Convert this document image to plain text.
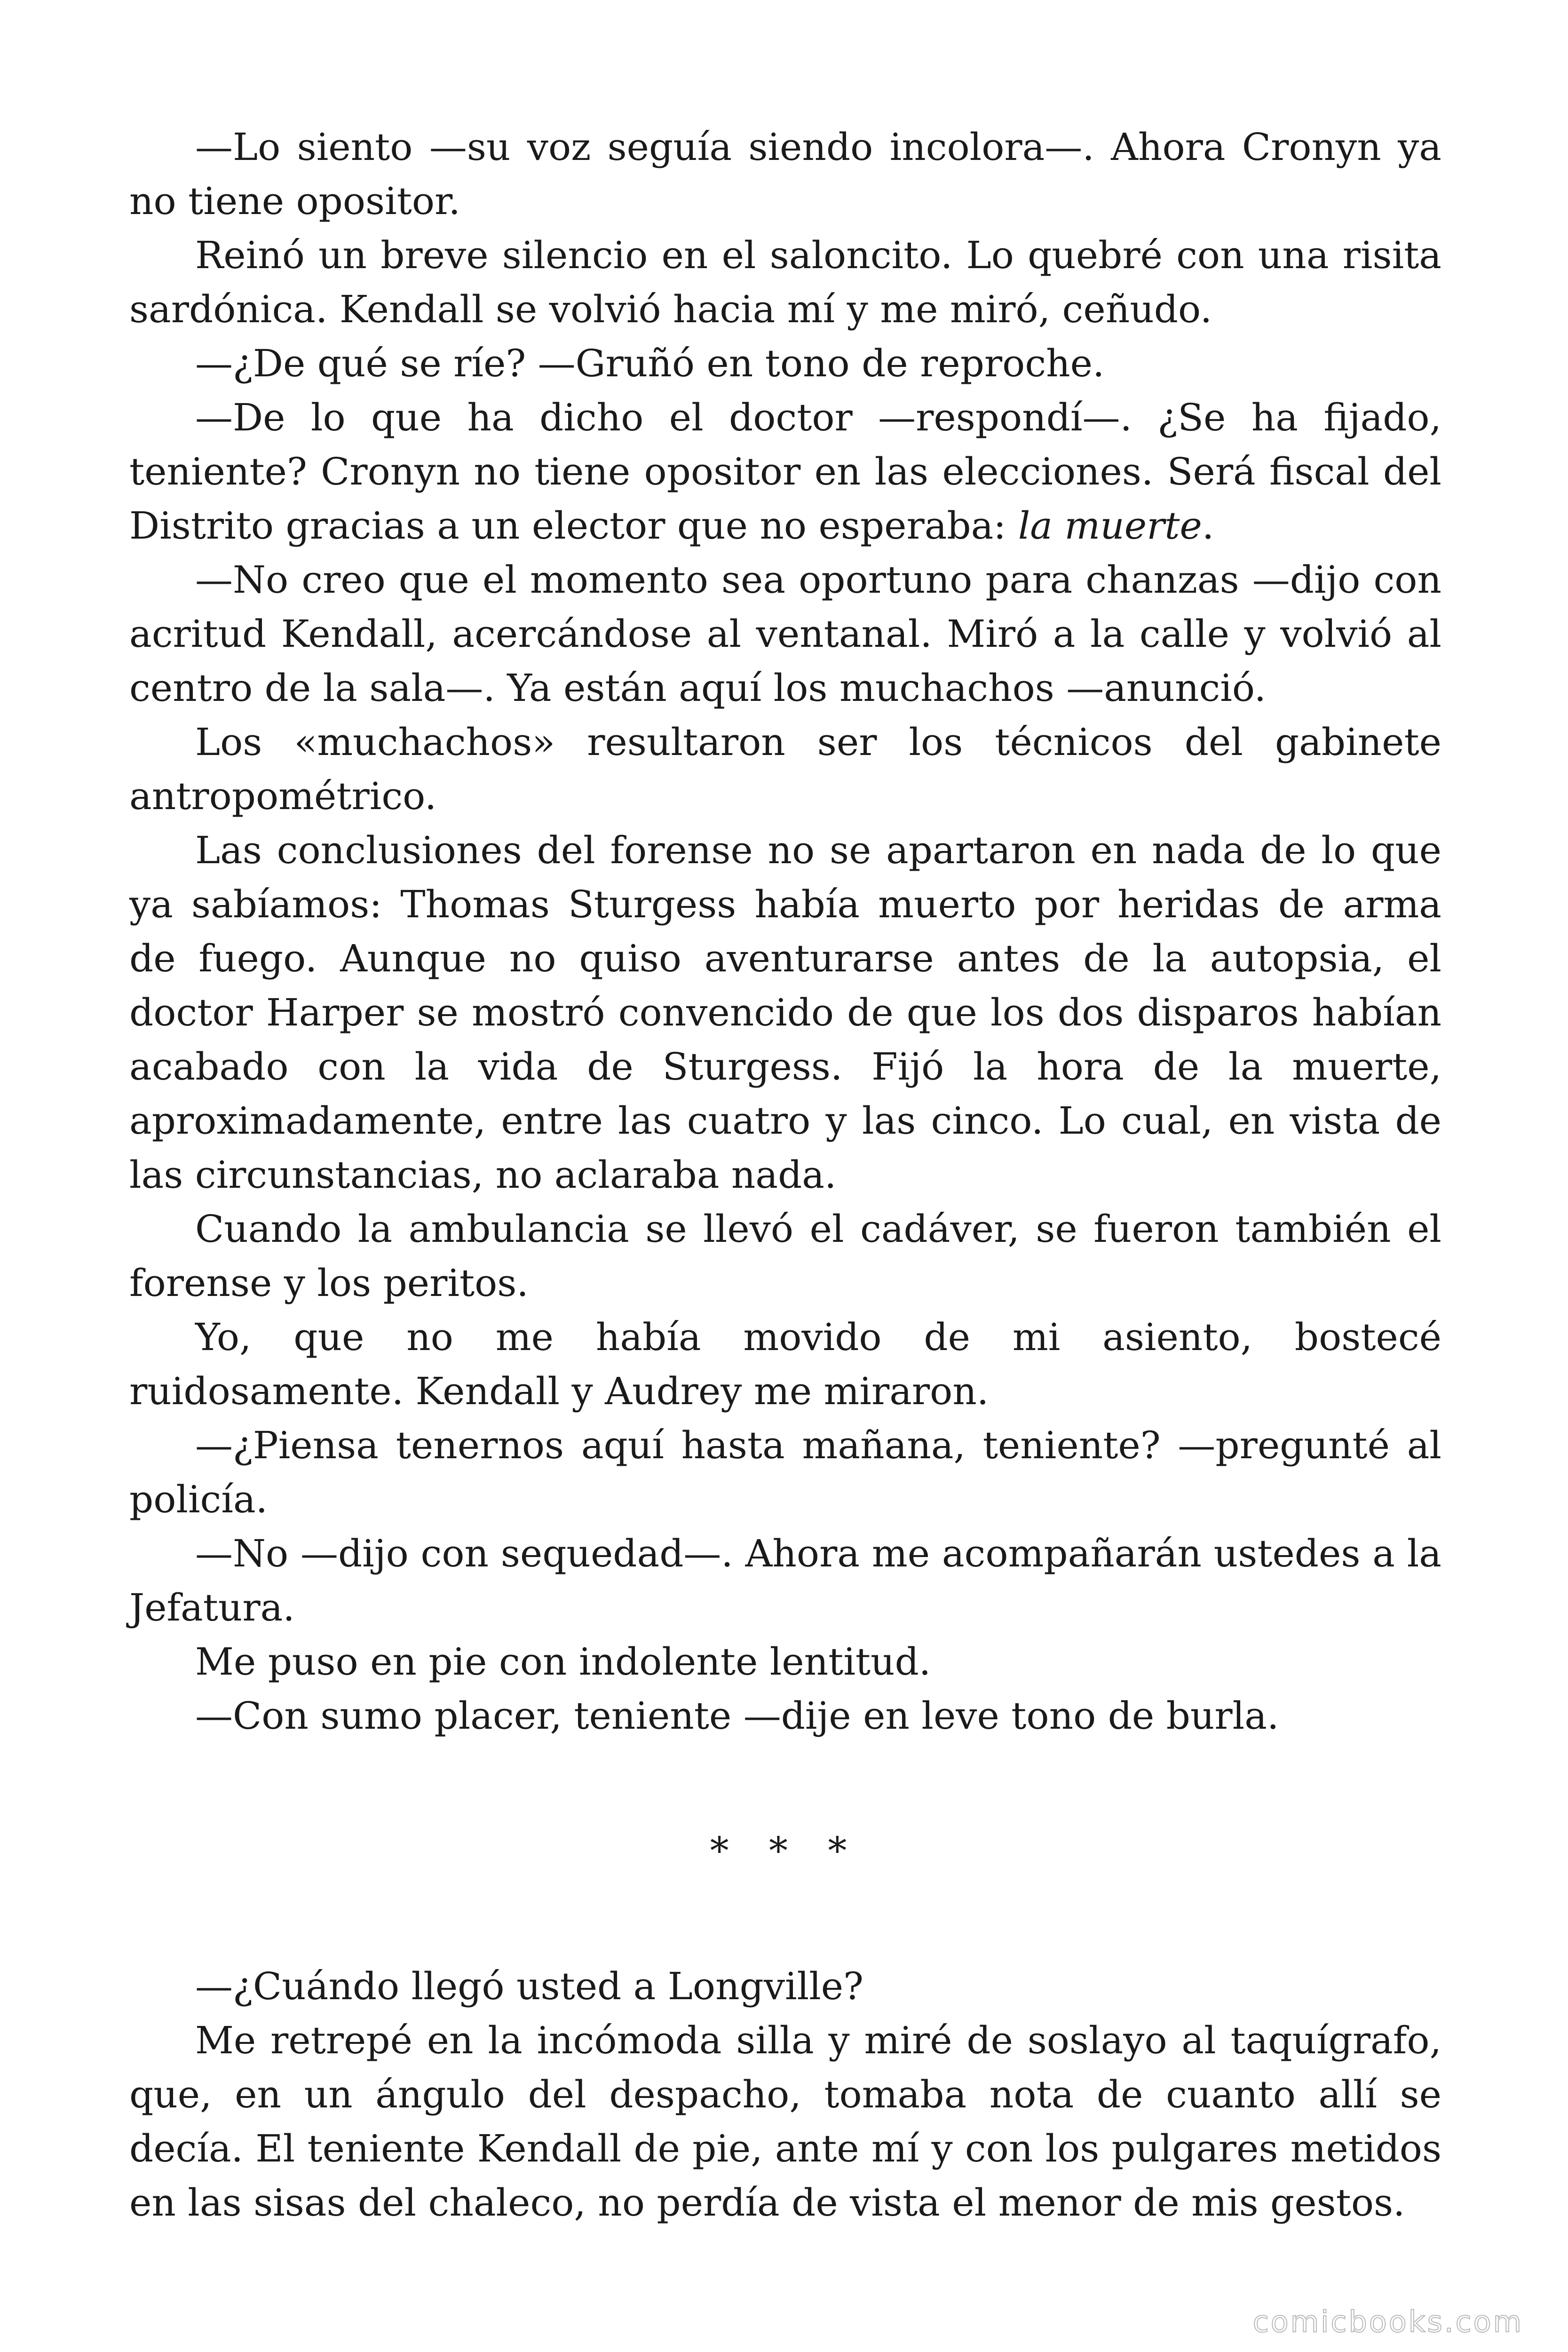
—Lo siento —su voz seguía siendo incolora—. Ahora Cronyn ya no tiene opositor.

Reinó un breve silencio en el saloncito. Lo quebré con una risita sardónica. Kendall se volvió hacia mí y me miró, ceñudo.

—¿De qué se ríe? —Gruñó en tono de reproche.

—De lo que ha dicho el doctor —respondí—. ¿Se ha fijado, teniente? Cronyn no tiene opositor en las elecciones. Será fiscal del Distrito gracias a un elector que no esperaba: la muerte.

—No creo que el momento sea oportuno para chanzas —dijo con acritud Kendall, acercándose al ventanal. Miró a la calle y volvió al centro de la sala—. Ya están aquí los muchachos —anunció.

Los «muchachos» resultaron ser los técnicos del gabinete antropométrico.

Las conclusiones del forense no se apartaron en nada de lo que ya sabíamos: Thomas Sturgess había muerto por heridas de arma de fuego. Aunque no quiso aventurarse antes de la autopsia, el doctor Harper se mostró convencido de que los dos disparos habían acabado con la vida de Sturgess. Fijó la hora de la muerte, aproximadamente, entre las cuatro y las cinco. Lo cual, en vista de las circunstancias, no aclaraba nada.

Cuando la ambulancia se llevó el cadáver, se fueron también el forense y los peritos.

Yo, que no me había movido de mi asiento, bostecé ruidosamente. Kendall y Audrey me miraron.

—¿Piensa tenernos aquí hasta mañana, teniente? —pregunté al policía.

—No —dijo con sequedad—. Ahora me acompañarán ustedes a la Jefatura.

Me puso en pie con indolente lentitud.

—Con sumo placer, teniente —dije en leve tono de burla.

* * *

—¿Cuándo llegó usted a Longville?

Me retrepé en la incómoda silla y miré de soslayo al taquígrafo, que, en un ángulo del despacho, tomaba nota de cuanto allí se decía. El teniente Kendall de pie, ante mí y con los pulgares metidos en las sisas del chaleco, no perdía de vista el menor de mis gestos.

comicbooks.com
